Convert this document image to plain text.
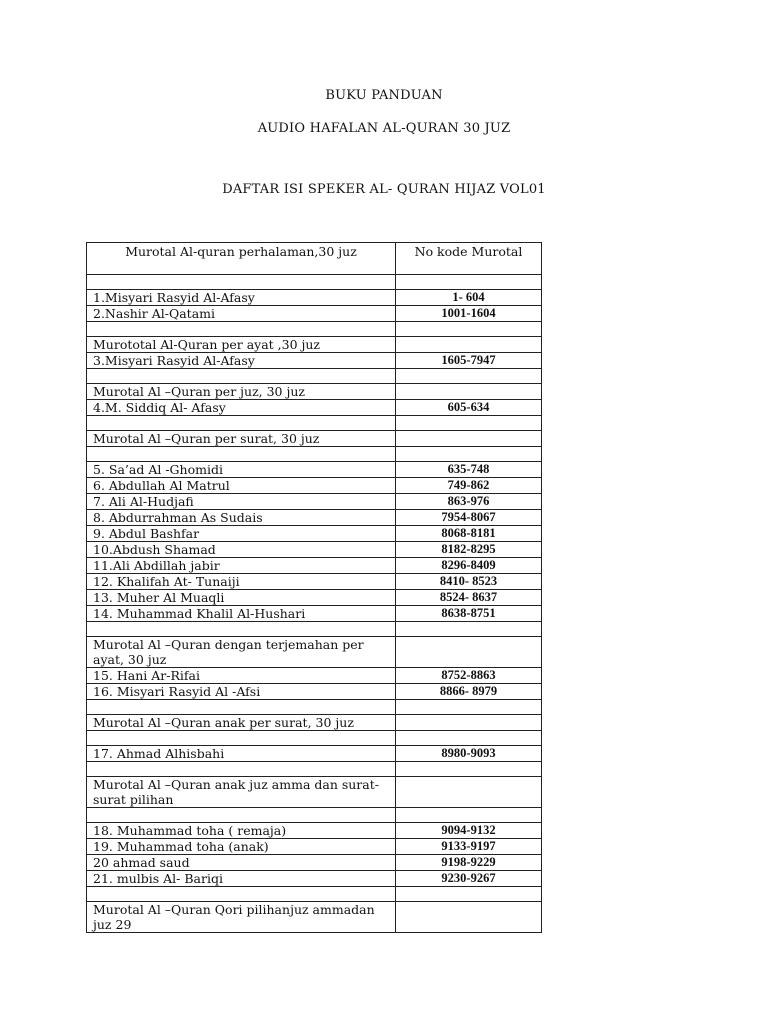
BUKU PANDUAN
AUDIO HAFALAN AL-QURAN 30 JUZ
DAFTAR ISI SPEKER AL- QURAN HIJAZ VOL01
Murotal Al-quran perhalaman,30 juz	No kode Murotal

1.Misyari Rasyid Al-Afasy	1- 604
2.Nashir Al-Qatami	1001-1604

Murototal Al-Quran per ayat ,30 juz	
3.Misyari Rasyid Al-Afasy	1605-7947

Murotal Al –Quran per juz, 30 juz	
4.M. Siddiq Al- Afasy	605-634

Murotal Al –Quran per surat, 30 juz	

5. Sa’ad Al -Ghomidi	635-748
6. Abdullah Al Matrul	749-862
7. Ali Al-Hudjafi	863-976
8. Abdurrahman As Sudais	7954-8067
9. Abdul Bashfar	8068-8181
10.Abdush Shamad	8182-8295
11.Ali Abdillah jabir	8296-8409
12. Khalifah At- Tunaiji	8410- 8523
13. Muher Al Muaqli	8524- 8637
14. Muhammad Khalil Al-Hushari	8638-8751

Murotal Al –Quran dengan terjemahan per ayat, 30 juz	
15. Hani Ar-Rifai	8752-8863
16. Misyari Rasyid Al -Afsi	8866- 8979

Murotal Al –Quran anak per surat, 30 juz	

17. Ahmad Alhisbahi	8980-9093

Murotal Al –Quran anak juz amma dan surat-surat pilihan	

18. Muhammad toha ( remaja)	9094-9132
19. Muhammad toha (anak)	9133-9197
20 ahmad saud	9198-9229
21. mulbis Al- Bariqi	9230-9267

Murotal Al –Quran Qori pilihanjuz ammadan juz 29	
